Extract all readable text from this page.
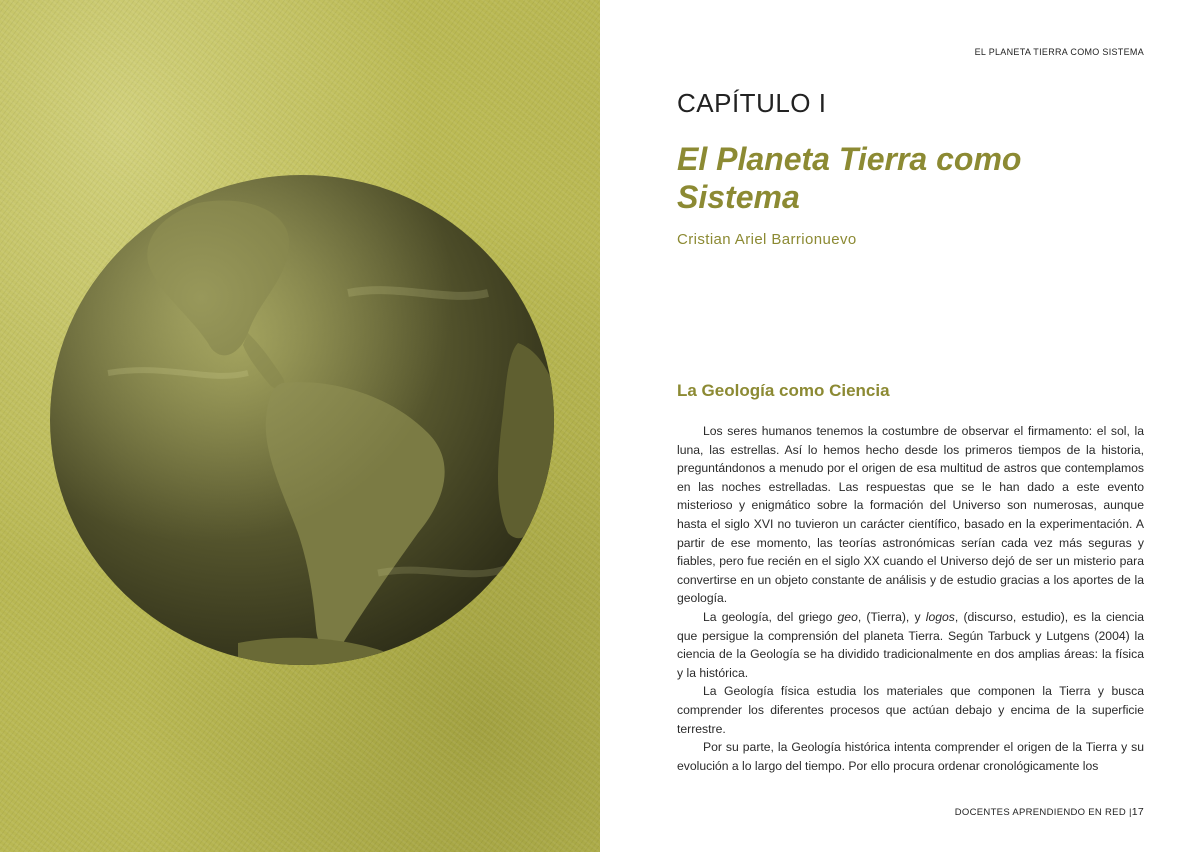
EL PLANETA TIERRA COMO SISTEMA
CAPÍTULO I
El Planeta Tierra como Sistema
Cristian Ariel Barrionuevo
La Geología como Ciencia

Los seres humanos tenemos la costumbre de observar el firmamento: el sol, la luna, las estrellas. Así lo hemos hecho desde los primeros tiempos de la historia, preguntándonos a menudo por el origen de esa multitud de astros que contemplamos en las noches estrelladas. Las respuestas que se le han dado a este evento misterioso y enigmático sobre la formación del Universo son numerosas, aunque hasta el siglo XVI no tuvieron un carácter científico, basado en la experimentación. A partir de ese momento, las teorías astronómicas serían cada vez más seguras y fiables, pero fue recién en el siglo XX cuando el Universo dejó de ser un misterio para convertirse en un objeto constante de análisis y de estudio gracias a los aportes de la geología.

La geología, del griego geo, (Tierra), y logos, (discurso, estudio), es la ciencia que persigue la comprensión del planeta Tierra. Según Tarbuck y Lutgens (2004) la ciencia de la Geología se ha dividido tradicionalmente en dos amplias áreas: la física y la histórica.

La Geología física estudia los materiales que componen la Tierra y busca comprender los diferentes procesos que actúan debajo y encima de la superficie terrestre.

Por su parte, la Geología histórica intenta comprender el origen de la Tierra y su evolución a lo largo del tiempo. Por ello procura ordenar cronológicamente los

DOCENTES APRENDIENDO EN RED |17
